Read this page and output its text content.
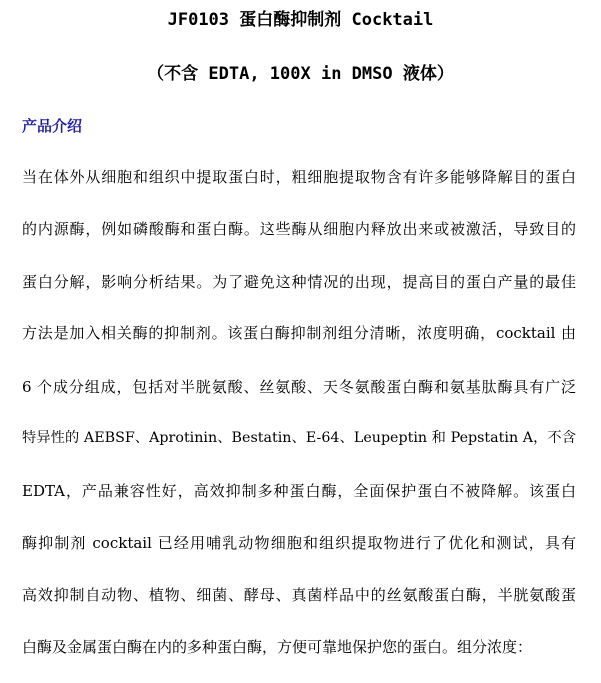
JF0103 蛋白酶抑制剂 Cocktail
（不含 EDTA, 100X in DMSO 液体）
产品介绍
当在体外从细胞和组织中提取蛋白时，粗细胞提取物含有许多能够降解目的蛋白
的内源酶，例如磷酸酶和蛋白酶。这些酶从细胞内释放出来或被激活，导致目的
蛋白分解，影响分析结果。为了避免这种情况的出现，提高目的蛋白产量的最佳
方法是加入相关酶的抑制剂。该蛋白酶抑制剂组分清晰，浓度明确，cocktail 由
6 个成分组成，包括对半胱氨酸、丝氨酸、天冬氨酸蛋白酶和氨基肽酶具有广泛
特异性的 AEBSF、Aprotinin、Bestatin、E-64、Leupeptin 和 Pepstatin A，不含
EDTA，产品兼容性好，高效抑制多种蛋白酶，全面保护蛋白不被降解。该蛋白
酶抑制剂 cocktail 已经用哺乳动物细胞和组织提取物进行了优化和测试，具有
高效抑制自动物、植物、细菌、酵母、真菌样品中的丝氨酸蛋白酶，半胱氨酸蛋
白酶及金属蛋白酶在内的多种蛋白酶，方便可靠地保护您的蛋白。组分浓度：
